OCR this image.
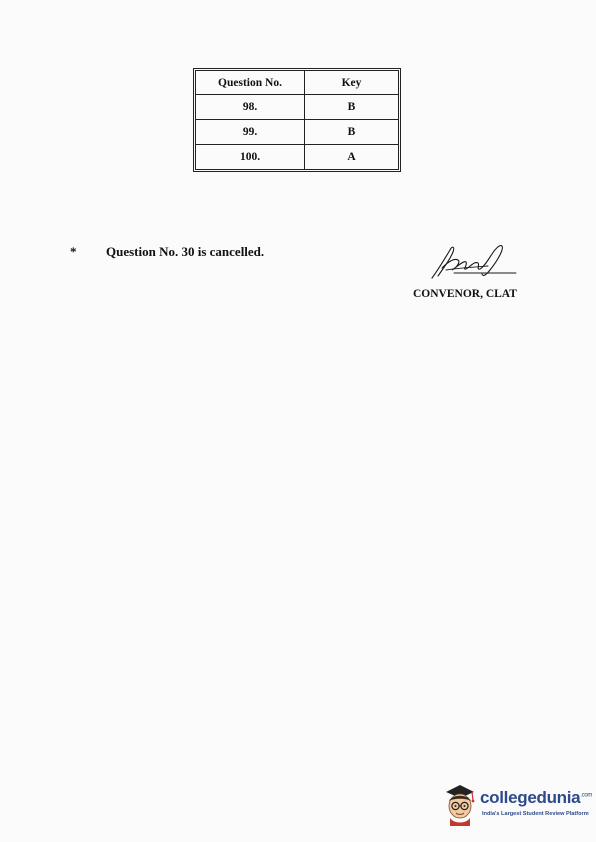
Question No.	Key
98.	B
99.	B
100.	A
* Question No. 30 is cancelled.
CONVENOR, CLAT
collegedunia$^{.com}$
India's Largest Student Review Platform
